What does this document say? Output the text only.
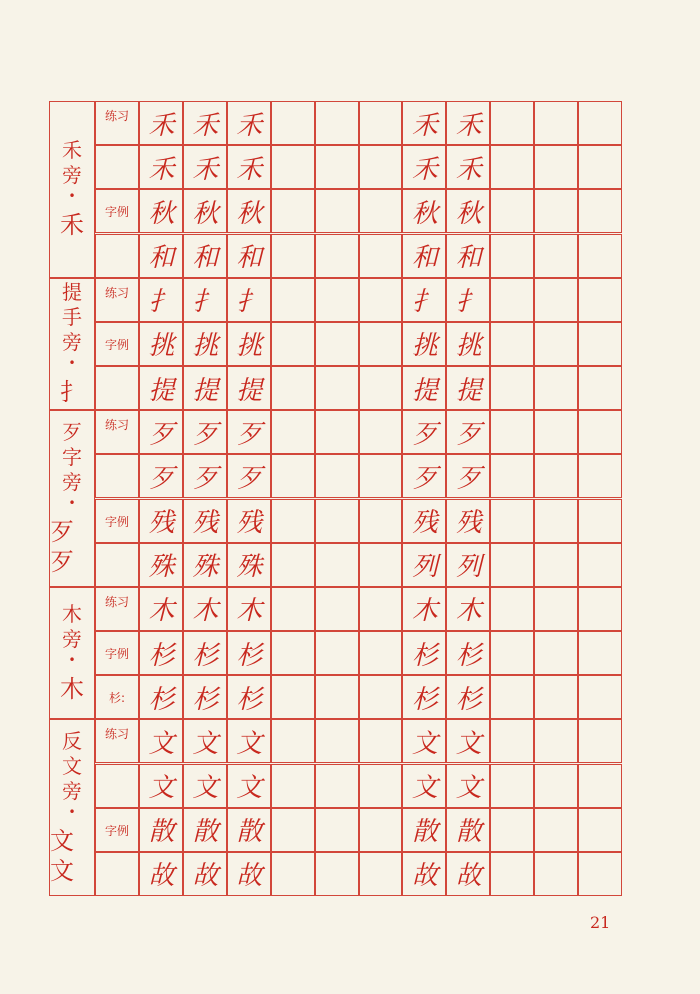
禾
旁
•
禾
练习 禾 禾 禾	禾 禾
禾 禾 禾	禾 禾
字例 秋 秋 秋	秋 秋
和 和 和	和 和
提
手
旁
•
扌
练习 扌 扌 扌	扌 扌
字例 挑 挑 挑	挑 挑
提 提 提	提 提
歹
字
旁
•
歹歹
练习 歹 歹 歹	歹 歹
歹 歹 歹	歹 歹
字例 残 残 残	残 残
殊 殊 殊	列 列
木
旁
•
木
练习 木 木 木	木 木
字例 杉 杉 杉	杉 杉
杉: 杉 杉 杉	杉 杉
反
文
旁
•
文文
练习 文 文 文	文 文
文 文 文	文 文
字例 散 散 散	散 散
故 故 故	故 故
21
